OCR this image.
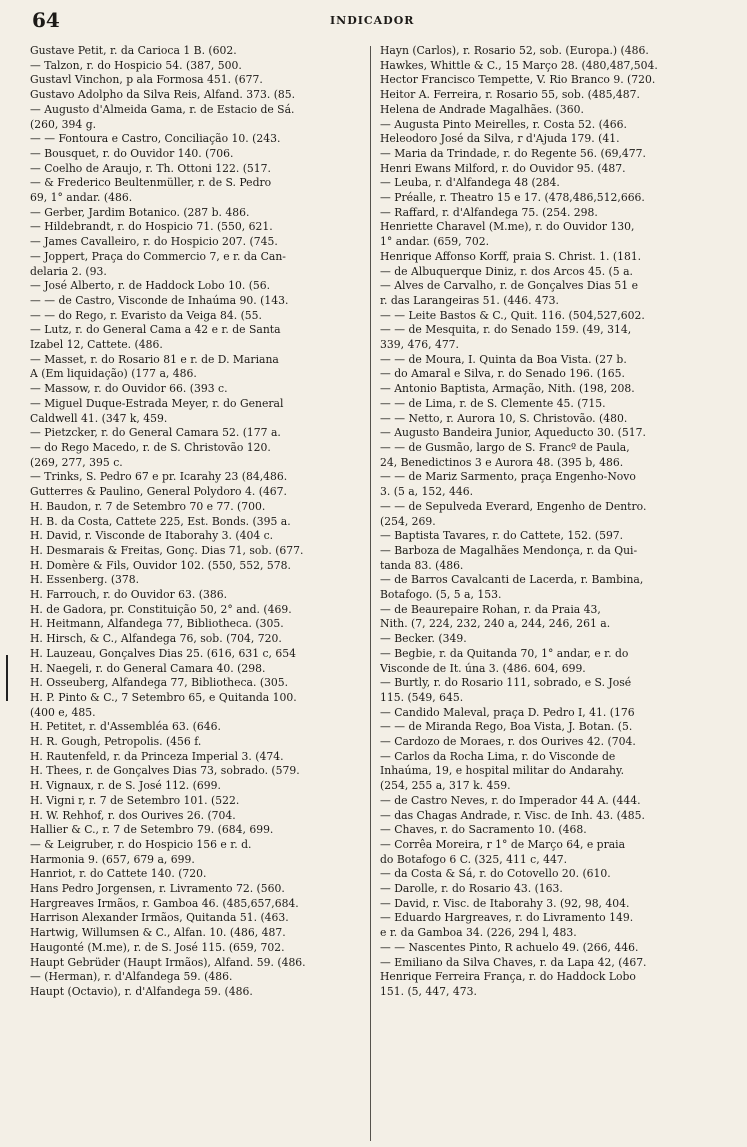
64	INDICADOR
Gustave Petit, r. da Carioca 1 B. (602.
— Talzon, r. do Hospicio 54. (387, 500.
Gustavl Vinchon, p ala Formosa 451. (677.
Gustavo Adolpho da Silva Reis, Alfand. 373. (85.
— Augusto d'Almeida Gama, r. de Estacio de Sá.
(260, 394 g.
— — Fontoura e Castro, Conciliação 10. (243.
— Bousquet, r. do Ouvidor 140. (706.
— Coelho de Araujo, r. Th. Ottoni 122. (517.
— & Frederico Beultenmüller, r. de S. Pedro
69, 1° andar. (486.
— Gerber, Jardim Botanico. (287 b. 486.
— Hildebrandt, r. do Hospicio 71. (550, 621.
— James Cavalleiro, r. do Hospicio 207. (745.
— Joppert, Praça do Commercio 7, e r. da Can-
delaria 2. (93.
— José Alberto, r. de Haddock Lobo 10. (56.
— — de Castro, Visconde de Inhaúma 90. (143.
— — do Rego, r. Evaristo da Veiga 84. (55.
— Lutz, r. do General Cama a 42 e r. de Santa
Izabel 12, Cattete. (486.
— Masset, r. do Rosario 81 e r. de D. Mariana
A (Em liquidação) (177 a, 486.
— Massow, r. do Ouvidor 66. (393 c.
— Miguel Duque-Estrada Meyer, r. do General
Caldwell 41. (347 k, 459.
— Pietzcker, r. do General Camara 52. (177 a.
— do Rego Macedo, r. de S. Christovão 120.
(269, 277, 395 c.
— Trinks, S. Pedro 67 e pr. Icarahy 23 (84,486.
Gutterres & Paulino, General Polydoro 4. (467.
H. Baudon, r. 7 de Setembro 70 e 77. (700.
H. B. da Costa, Cattete 225, Est. Bonds. (395 a.
H. David, r. Visconde de Itaborahy 3. (404 c.
H. Desmarais & Freitas, Gonç. Dias 71, sob. (677.
H. Domère & Fils, Ouvidor 102. (550, 552, 578.
H. Essenberg. (378.
H. Farrouch, r. do Ouvidor 63. (386.
H. de Gadora, pr. Constituição 50, 2° and. (469.
H. Heitmann, Alfandega 77, Bibliotheca. (305.
H. Hirsch, & C., Alfandega 76, sob. (704, 720.
H. Lauzeau, Gonçalves Dias 25. (616, 631 c, 654
H. Naegeli, r. do General Camara 40. (298.
H. Osseuberg, Alfandega 77, Bibliotheca. (305.
H. P. Pinto & C., 7 Setembro 65, e Quitanda 100.
(400 e, 485.
H. Petitet, r. d'Assembléa 63. (646.
H. R. Gough, Petropolis. (456 f.
H. Rautenfeld, r. da Princeza Imperial 3. (474.
H. Thees, r. de Gonçalves Dias 73, sobrado. (579.
H. Vignaux, r. de S. José 112. (699.
H. Vigni r, r. 7 de Setembro 101. (522.
H. W. Rehhof, r. dos Ourives 26. (704.
Hallier & C., r. 7 de Setembro 79. (684, 699.
— & Leigruber, r. do Hospicio 156 e r. d.
Harmonia 9. (657, 679 a, 699.
Hanriot, r. do Cattete 140. (720.
Hans Pedro Jorgensen, r. Livramento 72. (560.
Hargreaves Irmãos, r. Gamboa 46. (485,657,684.
Harrison Alexander Irmãos, Quitanda 51. (463.
Hartwig, Willumsen & C., Alfan. 10. (486, 487.
Haugonté (M.me), r. de S. José 115. (659, 702.
Haupt Gebrüder (Haupt Irmãos), Alfand. 59. (486.
— (Herman), r. d'Alfandega 59. (486.
Haupt (Octavio), r. d'Alfandega 59. (486.
Hayn (Carlos), r. Rosario 52, sob. (Europa.) (486.
Hawkes, Whittle & C., 15 Março 28. (480,487,504.
Hector Francisco Tempette, V. Rio Branco 9. (720.
Heitor A. Ferreira, r. Rosario 55, sob. (485,487.
Helena de Andrade Magalhães. (360.
— Augusta Pinto Meirelles, r. Costa 52. (466.
Heleodoro José da Silva, r d'Ajuda 179. (41.
— Maria da Trindade, r. do Regente 56. (69,477.
Henri Ewans Milford, r. do Ouvidor 95. (487.
— Leuba, r. d'Alfandega 48 (284.
— Préalle, r. Theatro 15 e 17. (478,486,512,666.
— Raffard, r. d'Alfandega 75. (254. 298.
Henriette Charavel (M.me), r. do Ouvidor 130,
1° andar. (659, 702.
Henrique Affonso Korff, praia S. Christ. 1. (181.
— de Albuquerque Diniz, r. dos Arcos 45. (5 a.
— Alves de Carvalho, r. de Gonçalves Dias 51 e
r. das Larangeiras 51. (446. 473.
— — Leite Bastos & C., Quit. 116. (504,527,602.
— — de Mesquita, r. do Senado 159. (49, 314,
339, 476, 477.
— — de Moura, I. Quinta da Boa Vista. (27 b.
— do Amaral e Silva, r. do Senado 196. (165.
— Antonio Baptista, Armação, Nith. (198, 208.
— — de Lima, r. de S. Clemente 45. (715.
— — Netto, r. Aurora 10, S. Christovão. (480.
— Augusto Bandeira Junior, Aqueducto 30. (517.
— — de Gusmão, largo de S. Francº de Paula,
24, Benedictinos 3 e Aurora 48. (395 b, 486.
— — de Mariz Sarmento, praça Engenho-Novo
3. (5 a, 152, 446.
— — de Sepulveda Everard, Engenho de Dentro.
(254, 269.
— Baptista Tavares, r. do Cattete, 152. (597.
— Barboza de Magalhães Mendonça, r. da Qui-
tanda 83. (486.
— de Barros Cavalcanti de Lacerda, r. Bambina,
Botafogo. (5, 5 a, 153.
— de Beaurepaire Rohan, r. da Praia 43,
Nith. (7, 224, 232, 240 a, 244, 246, 261 a.
— Becker. (349.
— Begbie, r. da Quitanda 70, 1° andar, e r. do
Visconde de It. úna 3. (486. 604, 699.
— Burtly, r. do Rosario 111, sobrado, e S. José
115. (549, 645.
— Candido Maleval, praça D. Pedro I, 41. (176
— — de Miranda Rego, Boa Vista, J. Botan. (5.
— Cardozo de Moraes, r. dos Ourives 42. (704.
— Carlos da Rocha Lima, r. do Visconde de
Inhaúma, 19, e hospital militar do Andarahy.
(254, 255 a, 317 k. 459.
— de Castro Neves, r. do Imperador 44 A. (444.
— das Chagas Andrade, r. Visc. de Inh. 43. (485.
— Chaves, r. do Sacramento 10. (468.
— Corrêa Moreira, r 1° de Março 64, e praia
do Botafogo 6 C. (325, 411 c, 447.
— da Costa & Sá, r. do Cotovello 20. (610.
— Darolle, r. do Rosario 43. (163.
— David, r. Visc. de Itaborahy 3. (92, 98, 404.
— Eduardo Hargreaves, r. do Livramento 149.
e r. da Gamboa 34. (226, 294 l, 483.
— — Nascentes Pinto, R achuelo 49. (266, 446.
— Emiliano da Silva Chaves, r. da Lapa 42, (467.
Henrique Ferreira França, r. do Haddock Lobo
151. (5, 447, 473.
